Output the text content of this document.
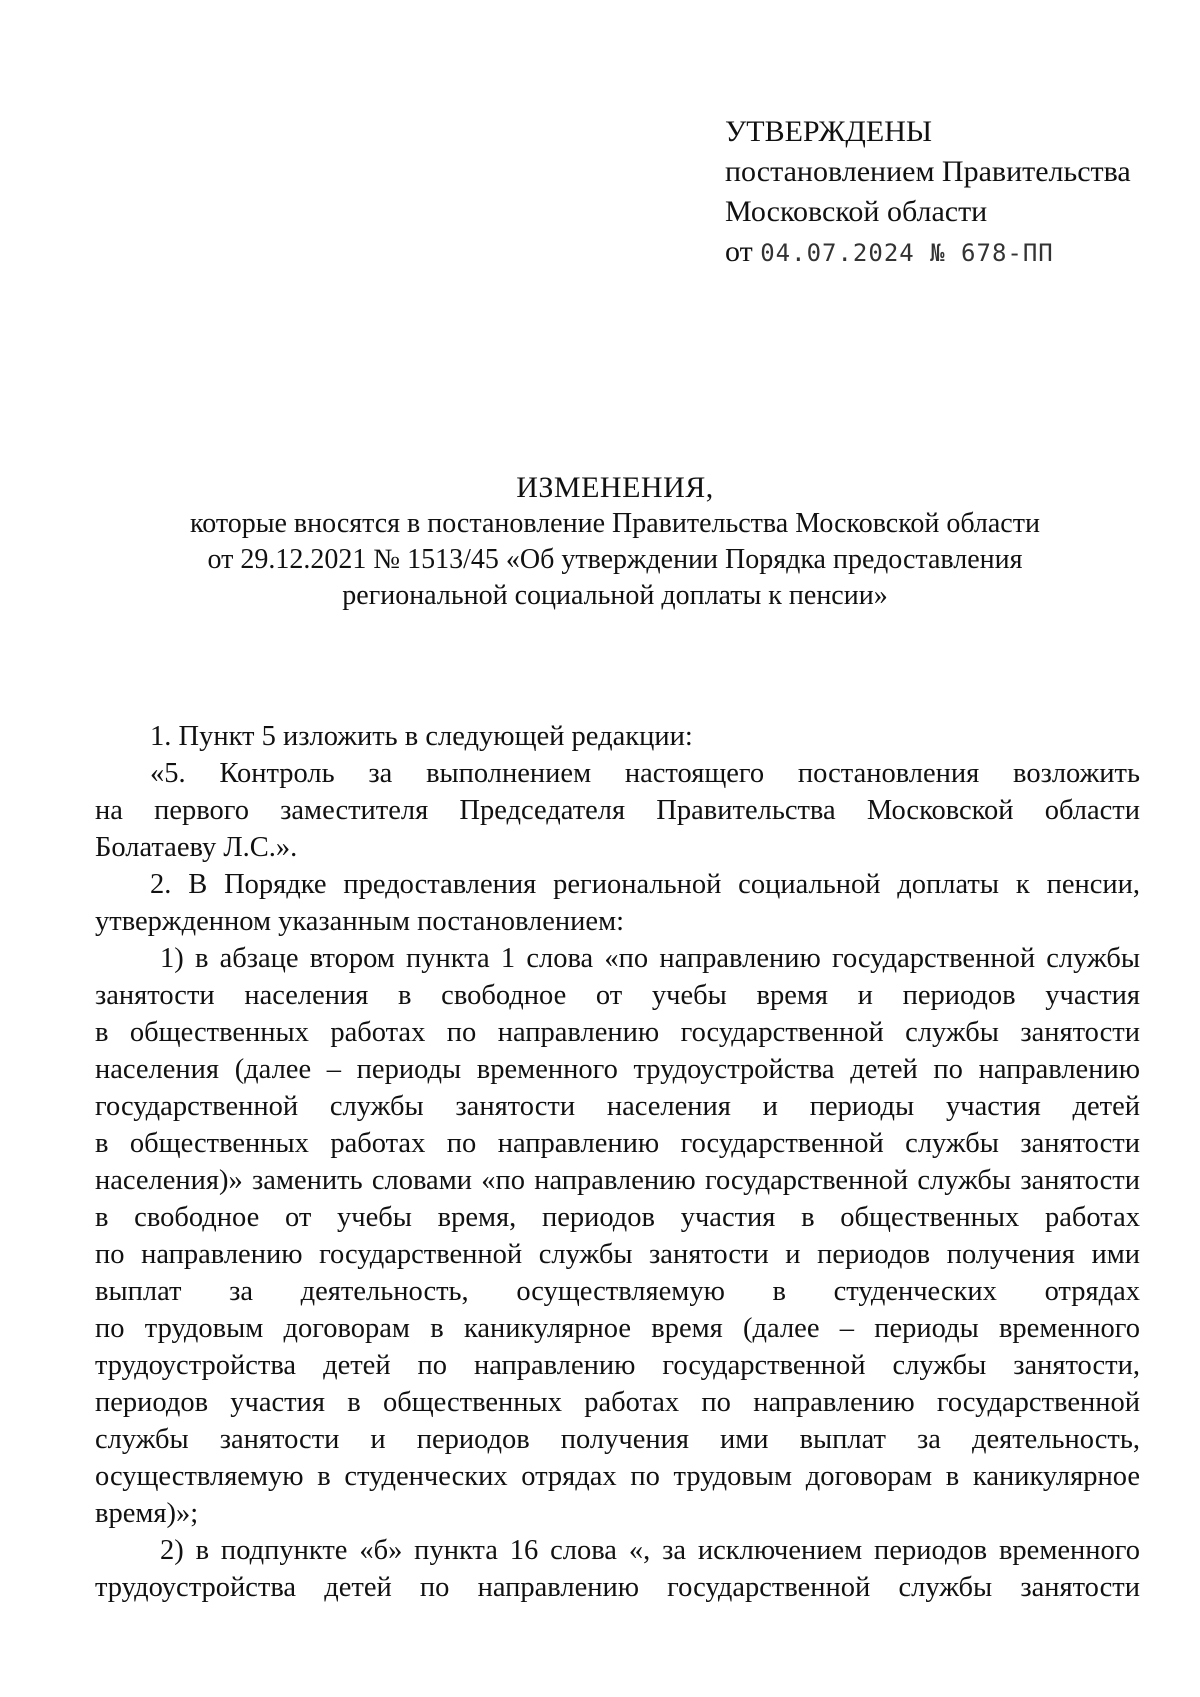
УТВЕРЖДЕНЫ
постановлением Правительства
Московской области
от 04.07.2024 № 678-ПП
ИЗМЕНЕНИЯ,
которые вносятся в постановление Правительства Московской области
от 29.12.2021 № 1513/45 «Об утверждении Порядка предоставления
региональной социальной доплаты к пенсии»
1. Пункт 5 изложить в следующей редакции:
«5. Контроль за выполнением настоящего постановления возложить
на первого заместителя Председателя Правительства Московской области
Болатаеву Л.С.».
2. В Порядке предоставления региональной социальной доплаты к пенсии,
утвержденном указанным постановлением:
1) в абзаце втором пункта 1 слова «по направлению государственной службы
занятости населения в свободное от учебы время и периодов участия
в общественных работах по направлению государственной службы занятости
населения (далее – периоды временного трудоустройства детей по направлению
государственной службы занятости населения и периоды участия детей
в общественных работах по направлению государственной службы занятости
населения)» заменить словами «по направлению государственной службы занятости
в свободное от учебы время, периодов участия в общественных работах
по направлению государственной службы занятости и периодов получения ими
выплат за деятельность, осуществляемую в студенческих отрядах
по трудовым договорам в каникулярное время (далее – периоды временного
трудоустройства детей по направлению государственной службы занятости,
периодов участия в общественных работах по направлению государственной
службы занятости и периодов получения ими выплат за деятельность,
осуществляемую в студенческих отрядах по трудовым договорам в каникулярное
время)»;
2) в подпункте «б» пункта 16 слова «, за исключением периодов временного
трудоустройства детей по направлению государственной службы занятости
